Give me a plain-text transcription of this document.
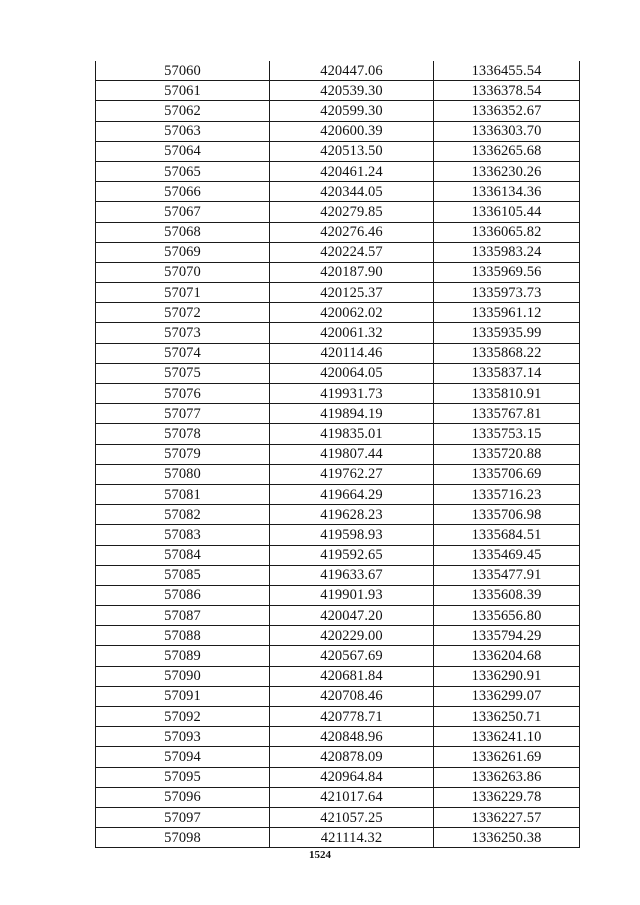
57060	420447.06	1336455.54
57061	420539.30	1336378.54
57062	420599.30	1336352.67
57063	420600.39	1336303.70
57064	420513.50	1336265.68
57065	420461.24	1336230.26
57066	420344.05	1336134.36
57067	420279.85	1336105.44
57068	420276.46	1336065.82
57069	420224.57	1335983.24
57070	420187.90	1335969.56
57071	420125.37	1335973.73
57072	420062.02	1335961.12
57073	420061.32	1335935.99
57074	420114.46	1335868.22
57075	420064.05	1335837.14
57076	419931.73	1335810.91
57077	419894.19	1335767.81
57078	419835.01	1335753.15
57079	419807.44	1335720.88
57080	419762.27	1335706.69
57081	419664.29	1335716.23
57082	419628.23	1335706.98
57083	419598.93	1335684.51
57084	419592.65	1335469.45
57085	419633.67	1335477.91
57086	419901.93	1335608.39
57087	420047.20	1335656.80
57088	420229.00	1335794.29
57089	420567.69	1336204.68
57090	420681.84	1336290.91
57091	420708.46	1336299.07
57092	420778.71	1336250.71
57093	420848.96	1336241.10
57094	420878.09	1336261.69
57095	420964.84	1336263.86
57096	421017.64	1336229.78
57097	421057.25	1336227.57
57098	421114.32	1336250.38
1524
